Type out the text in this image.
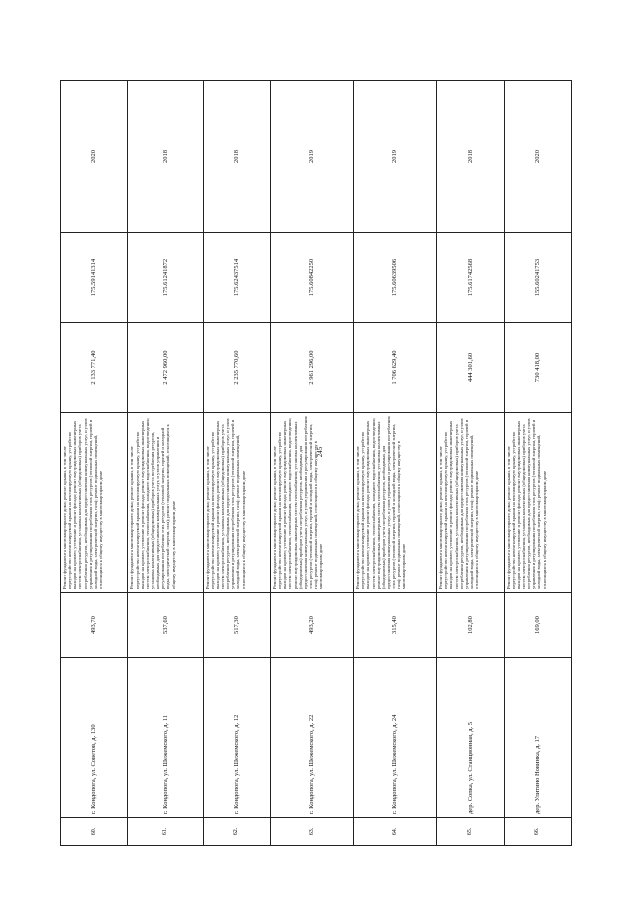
245
60.	г. Кондопога, ул. Советов, д. 130	493,70	Ремонт фундамента многоквартирного дома; ремонт крыши, в том числе переустройство невентилируемой крыши на вентилируемую крышу, устройство выходов на кровлю; утепление и ремонт фасада; ремонт внутридомовых инженерных систем электроснабжения, установка коллективных (общедомовых) приборов учета потребления ресурсов, необходимых для предоставления коммунальных услуг, и узлов управления и регулирования потребления этих ресурсов (тепловой энергии, горячей и холодной воды, электрической энергии, газа); ремонт подвальных помещений, относящихся к общему имуществу в многоквартирном доме	2 133 771,40	175.59141314	2020
61.	г. Кондопога, ул. Шежемского, д. 11	537,60	Ремонт фундамента многоквартирного дома; ремонт крыши, в том числе переустройство невентилируемой крыши на вентилируемую крышу, устройство выходов на кровлю; утепление и ремонт фасада; ремонт внутридомовых инженерных систем электроснабжения, теплоснабжения, холодного водоснабжения, водоотведения; установка коллективных (общедомовых) приборов учета потребления ресурсов, необходимых для предоставления коммунальных услуг, и узлов управления и регулирования потребления этих ресурсов (тепловой энергии, горячей и холодной воды, электрической энергии, газа); ремонт подвальных помещений, относящихся к общему имуществу в многоквартирном доме	2 472 960,00	175.61241872	2018
62.	г. Кондопога, ул. Шежемского, д. 12	517,30	Ремонт фундамента многоквартирного дома; ремонт крыши, в том числе переустройство невентилируемой крыши на вентилируемую крышу, устройство выходов на кровлю; утепление и ремонт фасада; ремонт внутридомовых инженерных систем электроснабжения, установка коллективных (общедомовых) приборов учета потребления ресурсов, необходимых для предоставления коммунальных услуг, и узлов управления и регулирования потребления этих ресурсов (тепловой энергии, горячей и холодной воды, электрической энергии, газа); ремонт подвальных помещений, относящихся к общему имуществу в многоквартирном доме	2 235 770,60	175.62437514	2018
63.	г. Кондопога, ул. Шежемского, д. 22	493,20	Ремонт фундамента многоквартирного дома; ремонт крыши, в том числе переустройство невентилируемой крыши на вентилируемую крышу, устройство выходов на кровлю; утепление и ремонт фасада; ремонт внутридомовых инженерных систем электроснабжения, теплоснабжения, холодного водоснабжения, водоотведения; ремонт внутридомовых инженерных систем газоснабжения; установка коллективных (общедомовых) приборов учета потребления ресурсов, необходимых для предоставления коммунальных услуг, и узлов управления и регулирования потребления этих ресурсов (тепловой энергии, горячей и холодной воды, электрической энергии, газа); ремонт подвальных помещений, относящихся к общему имуществу в многоквартирном доме	2 961 296,00	175.60842250	2019
64.	г. Кондопога, ул. Шежемского, д. 24	315,40	Ремонт фундамента многоквартирного дома; ремонт крыши, в том числе переустройство невентилируемой крыши на вентилируемую крышу, устройство выходов на кровлю; утепление и ремонт фасада; ремонт внутридомовых инженерных систем электроснабжения, теплоснабжения, холодного водоснабжения, водоотведения; ремонт внутридомовых инженерных систем газоснабжения; установка коллективных (общедомовых) приборов учета потребления ресурсов, необходимых для предоставления коммунальных услуг, и узлов управления и регулирования потребления этих ресурсов (тепловой энергии, горячей и холодной воды, электрической энергии, газа); ремонт подвальных помещений, относящихся к общему имуществу в многоквартирном доме	1 706 629,40	175.60639506	2019
65.	дер. Сопка, ул. Станционная, д. 5	102,80	Ремонт фундамента многоквартирного дома; ремонт крыши, в том числе переустройство невентилируемой крыши на вентилируемую крышу, устройство выходов на кровлю; утепление и ремонт фасада; ремонт внутридомовых инженерных систем электроснабжения, установка коллективных (общедомовых) приборов учета потребления ресурсов, необходимых для предоставления коммунальных услуг, и узлов управления и регулирования потребления этих ресурсов (тепловой энергии, горячей и холодной воды, электрической энергии, газа); ремонт подвальных помещений, относящихся к общему имуществу в многоквартирном доме	444 301,60	175.61742568	2018
66.	дер. Улитино Новинка, д. 17	169,00	Ремонт фундамента многоквартирного дома; ремонт крыши, в том числе переустройство невентилируемой крыши на вентилируемую крышу, устройство выходов на кровлю; утепление и ремонт фасада; ремонт внутридомовых инженерных систем электроснабжения, установка коллективных (общедомовых) приборов учета потребления ресурсов, необходимых для предоставления коммунальных услуг, и узлов управления и регулирования потребления этих ресурсов (тепловой энергии, горячей и холодной воды, электрической энергии, газа); ремонт подвальных помещений, относящихся к общему имуществу в многоквартирном доме	730 418,00	155.60241753	2020
